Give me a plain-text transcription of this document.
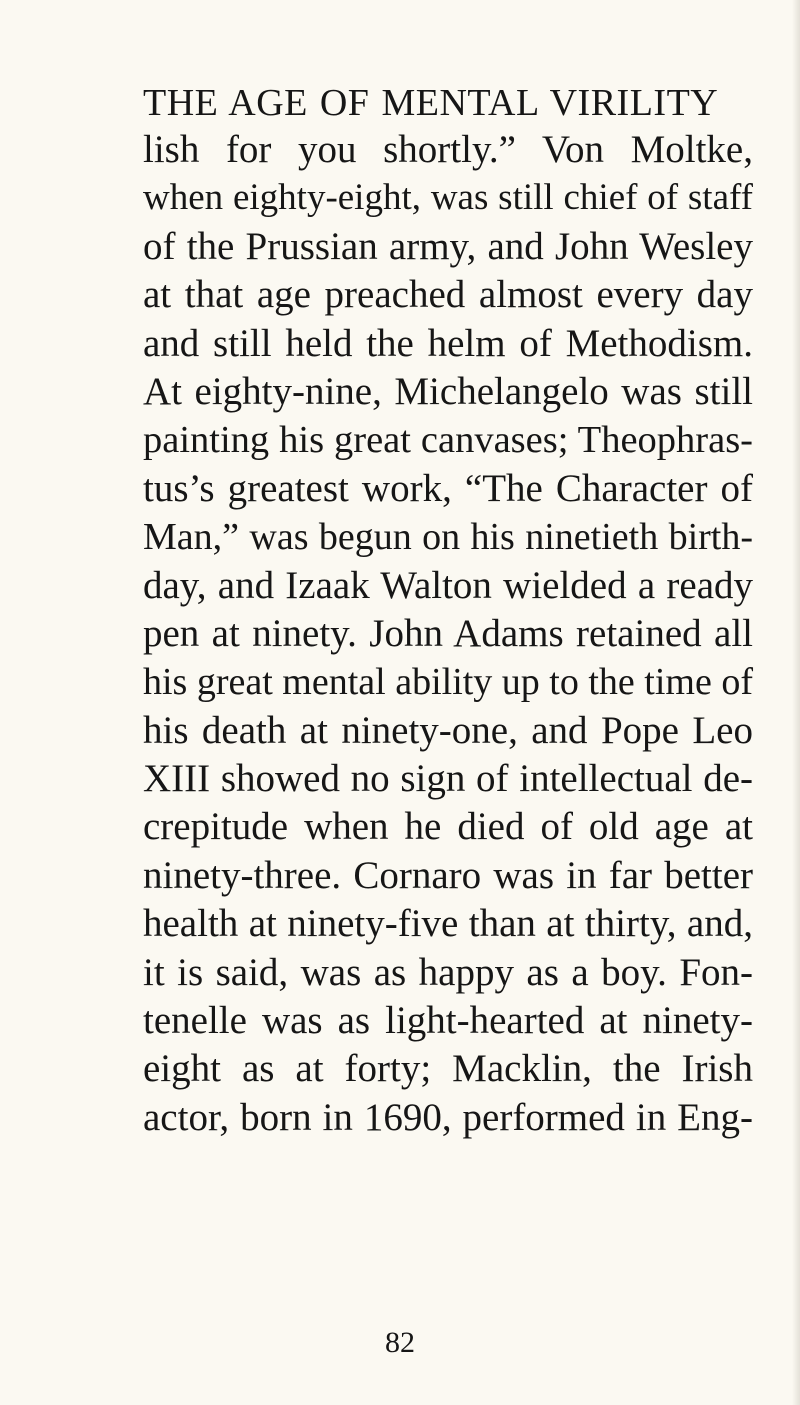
THE AGE OF MENTAL VIRILITY
lish for you shortly.” Von Moltke,
when eighty-eight, was still chief of staff
of the Prussian army, and John Wesley
at that age preached almost every day
and still held the helm of Methodism.
At eighty-nine, Michelangelo was still
painting his great canvases; Theophras-
tus’s greatest work, “The Character of
Man,” was begun on his ninetieth birth-
day, and Izaak Walton wielded a ready
pen at ninety. John Adams retained all
his great mental ability up to the time of
his death at ninety-one, and Pope Leo
XIII showed no sign of intellectual de-
crepitude when he died of old age at
ninety-three. Cornaro was in far better
health at ninety-five than at thirty, and,
it is said, was as happy as a boy. Fon-
tenelle was as light-hearted at ninety-
eight as at forty; Macklin, the Irish
actor, born in 1690, performed in Eng-
82
